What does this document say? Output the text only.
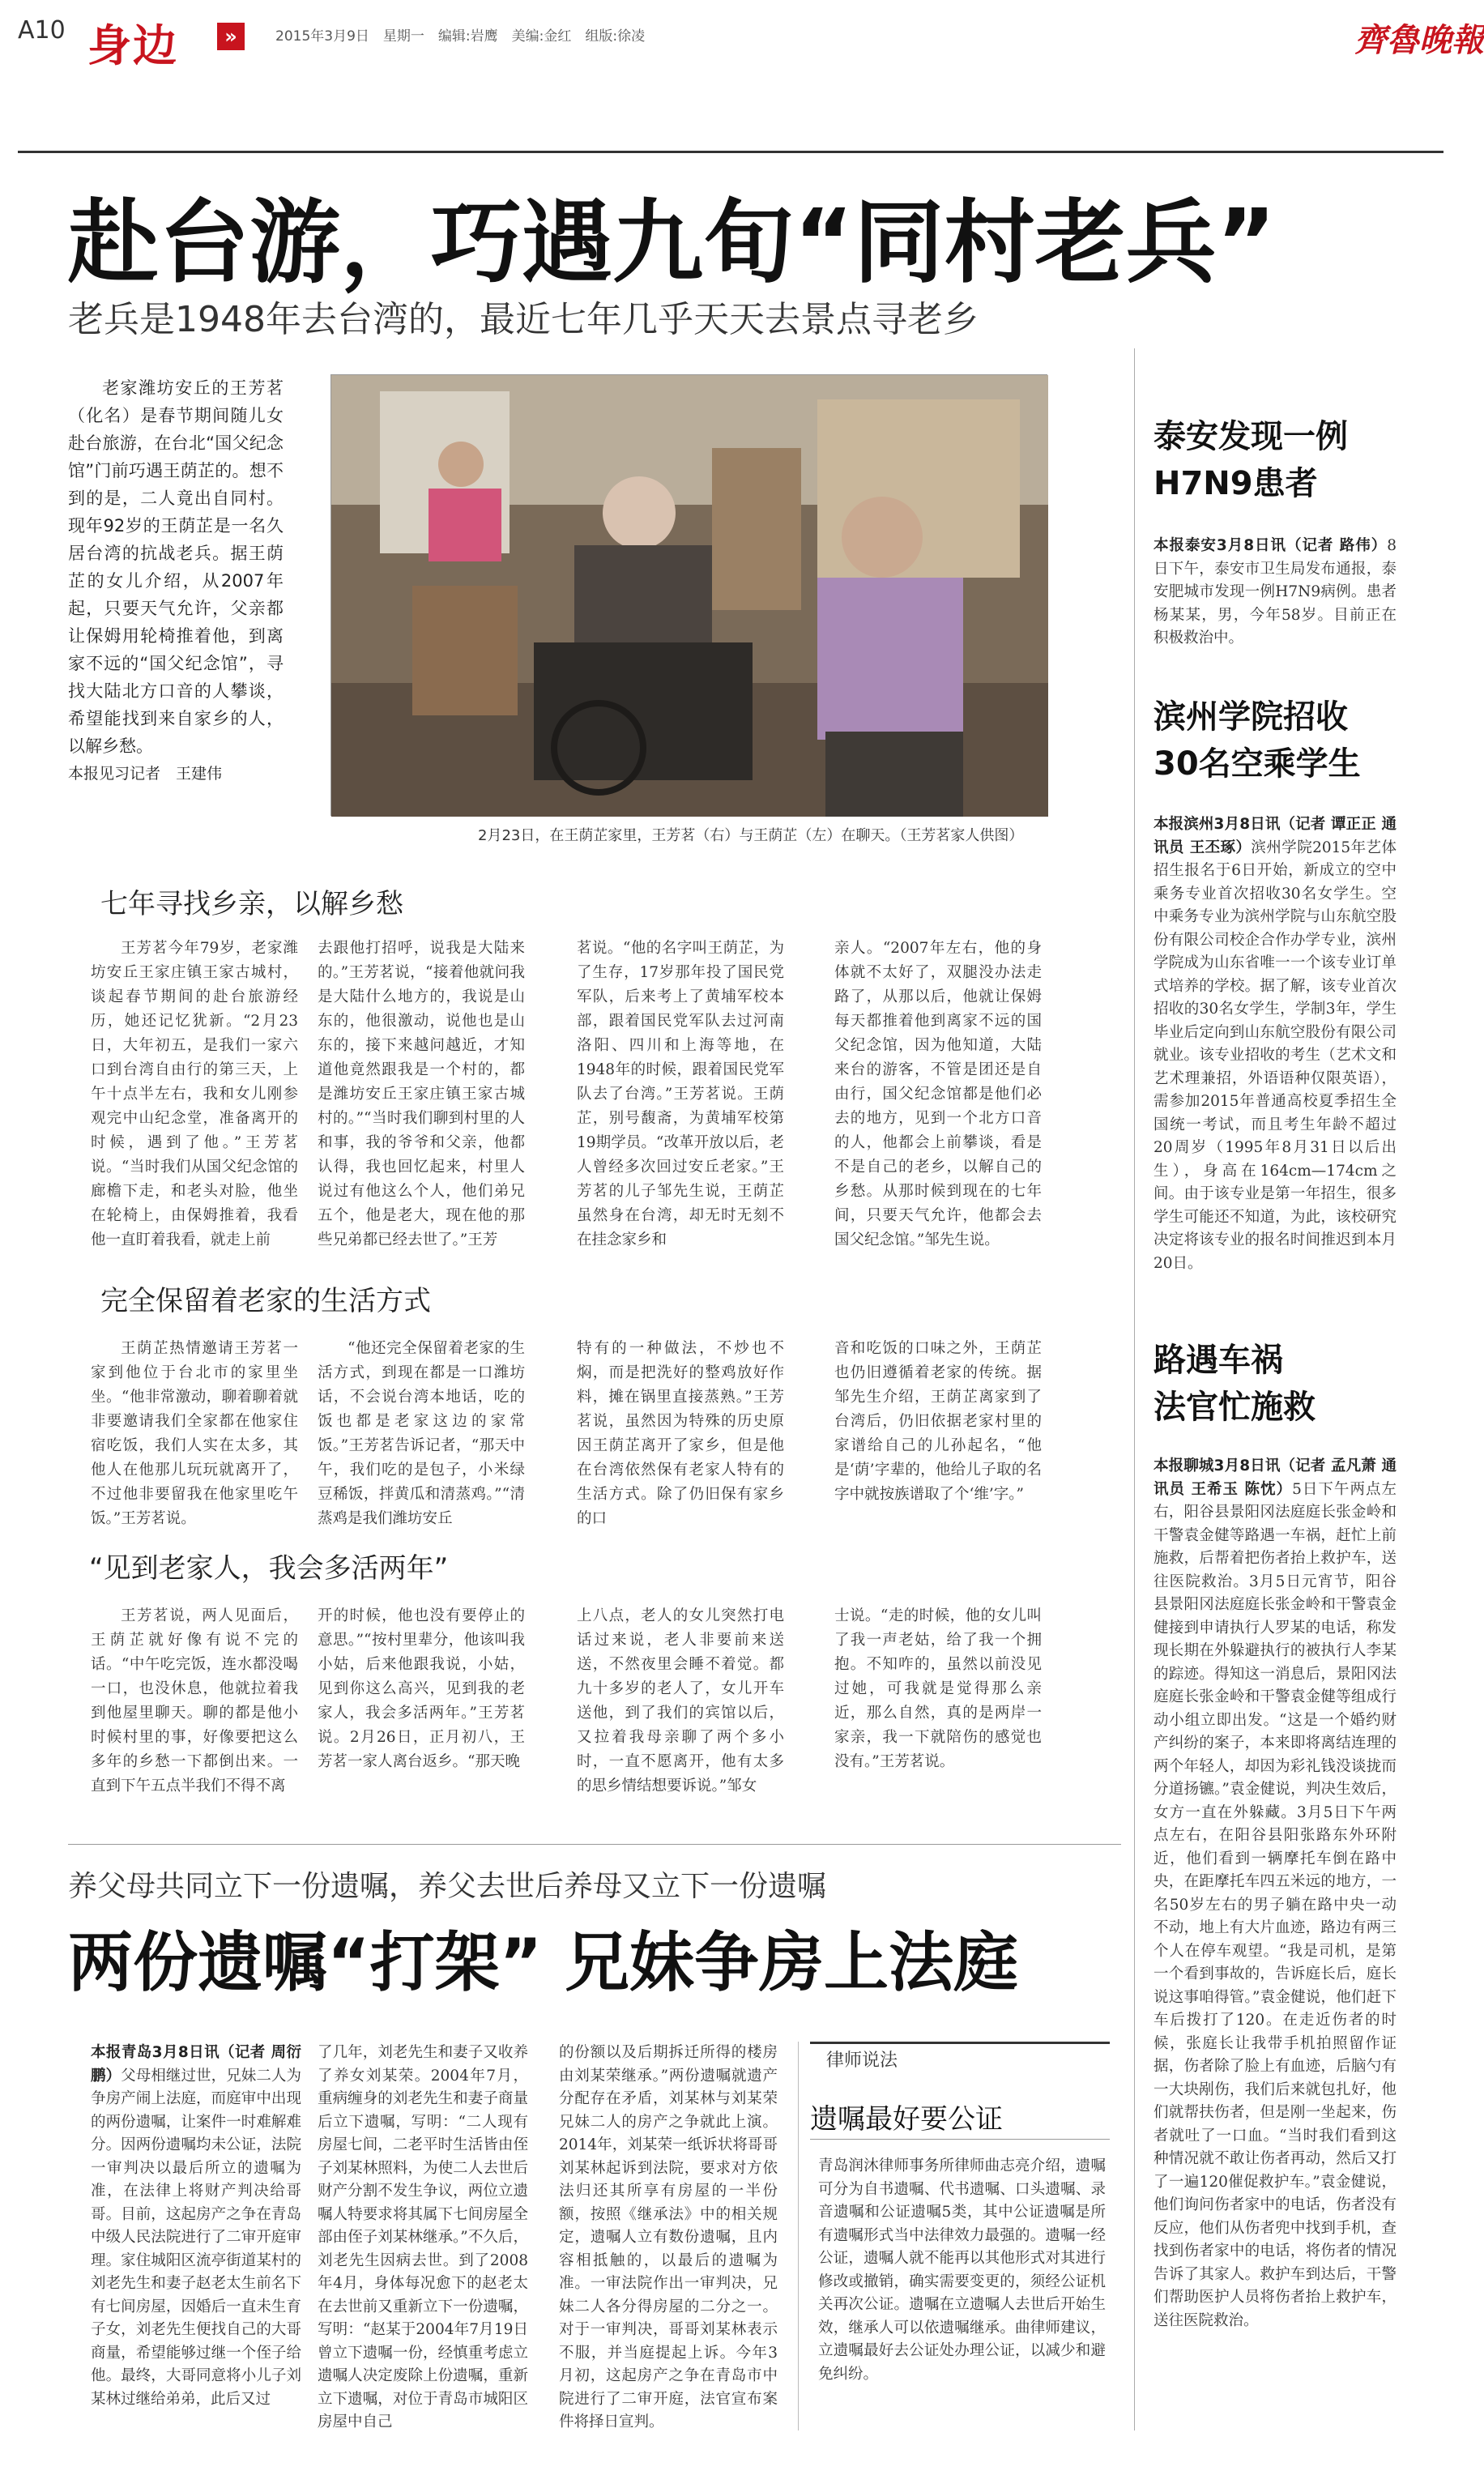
A10 身边	»	2015年3月9日　星期一　编辑:岩鹰　美编:金红　组版:徐凌	齊魯晚報
赴台游，巧遇九旬“同村老兵”
老兵是1948年去台湾的，最近七年几乎天天去景点寻老乡
老家潍坊安丘的王芳茗（化名）是春节期间随儿女赴台旅游，在台北“国父纪念馆”门前巧遇王荫芷的。想不到的是，二人竟出自同村。现年92岁的王荫芷是一名久居台湾的抗战老兵。据王荫芷的女儿介绍，从2007年起，只要天气允许，父亲都让保姆用轮椅推着他，到离家不远的“国父纪念馆”，寻找大陆北方口音的人攀谈，希望能找到来自家乡的人，以解乡愁。
本报见习记者　王建伟
2月23日，在王荫芷家里，王芳茗（右）与王荫芷（左）在聊天。（王芳茗家人供图）
七年寻找乡亲，以解乡愁
王芳茗今年79岁，老家潍坊安丘王家庄镇王家古城村，谈起春节期间的赴台旅游经历，她还记忆犹新。“2月23日，大年初五，是我们一家六口到台湾自由行的第三天，上午十点半左右，我和女儿刚参观完中山纪念堂，准备离开的时候，遇到了他。”王芳茗说。“当时我们从国父纪念馆的廊檐下走，和老头对脸，他坐在轮椅上，由保姆推着，我看他一直盯着我看，就走上前
去跟他打招呼，说我是大陆来的。”王芳茗说，“接着他就问我是大陆什么地方的，我说是山东的，他很激动，说他也是山东的，接下来越问越近，才知道他竟然跟我是一个村的，都是潍坊安丘王家庄镇王家古城村的。”“当时我们聊到村里的人和事，我的爷爷和父亲，他都认得，我也回忆起来，村里人说过有他这么个人，他们弟兄五个，他是老大，现在他的那些兄弟都已经去世了。”王芳
茗说。“他的名字叫王荫芷，为了生存，17岁那年投了国民党军队，后来考上了黄埔军校本部，跟着国民党军队去过河南洛阳、四川和上海等地，在1948年的时候，跟着国民党军队去了台湾。”王芳茗说。王荫芷，别号馥斋，为黄埔军校第19期学员。“改革开放以后，老人曾经多次回过安丘老家。”王芳茗的儿子邹先生说，王荫芷虽然身在台湾，却无时无刻不在挂念家乡和
亲人。“2007年左右，他的身体就不太好了，双腿没办法走路了，从那以后，他就让保姆每天都推着他到离家不远的国父纪念馆，因为他知道，大陆来台的游客，不管是团还是自由行，国父纪念馆都是他们必去的地方，见到一个北方口音的人，他都会上前攀谈，看是不是自己的老乡，以解自己的乡愁。从那时候到现在的七年间，只要天气允许，他都会去国父纪念馆。”邹先生说。
完全保留着老家的生活方式
王荫芷热情邀请王芳茗一家到他位于台北市的家里坐坐。“他非常激动，聊着聊着就非要邀请我们全家都在他家住宿吃饭，我们人实在太多，其他人在他那儿玩玩就离开了，不过他非要留我在他家里吃午饭。”王芳茗说。
“他还完全保留着老家的生活方式，到现在都是一口潍坊话，不会说台湾本地话，吃的饭也都是老家这边的家常饭。”王芳茗告诉记者，“那天中午，我们吃的是包子，小米绿豆稀饭，拌黄瓜和清蒸鸡。”“清蒸鸡是我们潍坊安丘
特有的一种做法，不炒也不焖，而是把洗好的整鸡放好作料，摊在锅里直接蒸熟。”王芳茗说，虽然因为特殊的历史原因王荫芷离开了家乡，但是他在台湾依然保有老家人特有的生活方式。除了仍旧保有家乡的口
音和吃饭的口味之外，王荫芷也仍旧遵循着老家的传统。据邹先生介绍，王荫芷离家到了台湾后，仍旧依据老家村里的家谱给自己的儿孙起名，“他是‘荫’字辈的，他给儿子取的名字中就按族谱取了个‘维’字。”
“见到老家人，我会多活两年”
王芳茗说，两人见面后，王荫芷就好像有说不完的话。“中午吃完饭，连水都没喝一口，也没休息，他就拉着我到他屋里聊天。聊的都是他小时候村里的事，好像要把这么多年的乡愁一下都倒出来。一直到下午五点半我们不得不离
开的时候，他也没有要停止的意思。”“按村里辈分，他该叫我小姑，后来他跟我说，小姑，见到你这么高兴，见到我的老家人，我会多活两年。”王芳茗说。2月26日，正月初八，王芳茗一家人离台返乡。“那天晚
上八点，老人的女儿突然打电话过来说，老人非要前来送送，不然夜里会睡不着觉。都九十多岁的老人了，女儿开车送他，到了我们的宾馆以后，又拉着我母亲聊了两个多小时，一直不愿离开，他有太多的思乡情结想要诉说。”邹女
士说。“走的时候，他的女儿叫了我一声老姑，给了我一个拥抱。不知咋的，虽然以前没见过她，可我就是觉得那么亲近，那么自然，真的是两岸一家亲，我一下就陪伤的感觉也没有。”王芳茗说。
泰安发现一例
H7N9患者
本报泰安3月8日讯（记者 路伟）8日下午，泰安市卫生局发布通报，泰安肥城市发现一例H7N9病例。患者杨某某，男，今年58岁。目前正在积极救治中。
滨州学院招收
30名空乘学生
本报滨州3月8日讯（记者 谭正正 通讯员 王丕琢）滨州学院2015年艺体招生报名于6日开始，新成立的空中乘务专业首次招收30名女学生。空中乘务专业为滨州学院与山东航空股份有限公司校企合作办学专业，滨州学院成为山东省唯一一个该专业订单式培养的学校。据了解，该专业首次招收的30名女学生，学制3年，学生毕业后定向到山东航空股份有限公司就业。该专业招收的考生（艺术文和艺术理兼招，外语语种仅限英语），需参加2015年普通高校夏季招生全国统一考试，而且考生年龄不超过20周岁（1995年8月31日以后出生），身高在164cm—174cm之间。由于该专业是第一年招生，很多学生可能还不知道，为此，该校研究决定将该专业的报名时间推迟到本月20日。
路遇车祸
法官忙施救
本报聊城3月8日讯（记者 孟凡萧 通讯员 王希玉 陈忱）5日下午两点左右，阳谷县景阳冈法庭庭长张金岭和干警袁金健等路遇一车祸，赶忙上前施救，后帮着把伤者抬上救护车，送往医院救治。3月5日元宵节，阳谷县景阳冈法庭庭长张金岭和干警袁金健接到申请执行人罗某的电话，称发现长期在外躲避执行的被执行人李某的踪迹。得知这一消息后，景阳冈法庭庭长张金岭和干警袁金健等组成行动小组立即出发。“这是一个婚约财产纠纷的案子，本来即将离结连理的两个年轻人，却因为彩礼钱没谈拢而分道扬镳。”袁金健说，判决生效后，女方一直在外躲藏。3月5日下午两点左右，在阳谷县阳张路东外环附近，他们看到一辆摩托车倒在路中央，在距摩托车四五米远的地方，一名50岁左右的男子躺在路中央一动不动，地上有大片血迹，路边有两三个人在停车观望。“我是司机，是第一个看到事故的，告诉庭长后，庭长说这事咱得管。”袁金健说，他们赶下车后拨打了120。在走近伤者的时候，张庭长让我带手机拍照留作证据，伤者除了脸上有血迹，后脑勺有一大块剐伤，我们后来就包扎好，他们就帮扶伤者，但是刚一坐起来，伤者就吐了一口血。“当时我们看到这种情况就不敢让伤者再动，然后又打了一遍120催促救护车。”袁金健说，他们询问伤者家中的电话，伤者没有反应，他们从伤者兜中找到手机，查找到伤者家中的电话，将伤者的情况告诉了其家人。救护车到达后，干警们帮助医护人员将伤者抬上救护车，送往医院救治。
养父母共同立下一份遗嘱，养父去世后养母又立下一份遗嘱
两份遗嘱“打架” 兄妹争房上法庭
本报青岛3月8日讯（记者 周衍鹏）父母相继过世，兄妹二人为争房产闹上法庭，而庭审中出现的两份遗嘱，让案件一时难解难分。因两份遗嘱均未公证，法院一审判决以最后所立的遗嘱为准，在法律上将财产判决给哥哥。目前，这起房产之争在青岛中级人民法院进行了二审开庭审理。家住城阳区流亭街道某村的刘老先生和妻子赵老太生前名下有七间房屋，因婚后一直未生育子女，刘老先生便找自己的大哥商量，希望能够过继一个侄子给他。最终，大哥同意将小儿子刘某林过继给弟弟，此后又过
了几年，刘老先生和妻子又收养了养女刘某荣。2004年7月，重病缠身的刘老先生和妻子商量后立下遗嘱，写明：“二人现有房屋七间，二老平时生活皆由侄子刘某林照料，为使二人去世后财产分割不发生争议，两位立遗嘱人特要求将其属下七间房屋全部由侄子刘某林继承。”不久后，刘老先生因病去世。到了2008年4月，身体每况愈下的赵老太在去世前又重新立下一份遗嘱，写明：“赵某于2004年7月19日曾立下遗嘱一份，经慎重考虑立遗嘱人决定废除上份遗嘱，重新立下遗嘱，对位于青岛市城阳区房屋中自己
的份额以及后期拆迁所得的楼房由刘某荣继承。”两份遗嘱就遗产分配存在矛盾，刘某林与刘某荣兄妹二人的房产之争就此上演。2014年，刘某荣一纸诉状将哥哥刘某林起诉到法院，要求对方依法归还其所享有房屋的一半份额，按照《继承法》中的相关规定，遗嘱人立有数份遗嘱，且内容相抵触的，以最后的遗嘱为准。一审法院作出一审判决，兄妹二人各分得房屋的二分之一。对于一审判决，哥哥刘某林表示不服，并当庭提起上诉。今年3月初，这起房产之争在青岛市中院进行了二审开庭，法官宣布案件将择日宣判。
律师说法
遗嘱最好要公证
青岛润沐律师事务所律师曲志亮介绍，遗嘱可分为自书遗嘱、代书遗嘱、口头遗嘱、录音遗嘱和公证遗嘱5类，其中公证遗嘱是所有遗嘱形式当中法律效力最强的。遗嘱一经公证，遗嘱人就不能再以其他形式对其进行修改或撤销，确实需要变更的，须经公证机关再次公证。遗嘱在立遗嘱人去世后开始生效，继承人可以依遗嘱继承。曲律师建议，立遗嘱最好去公证处办理公证，以减少和避免纠纷。
